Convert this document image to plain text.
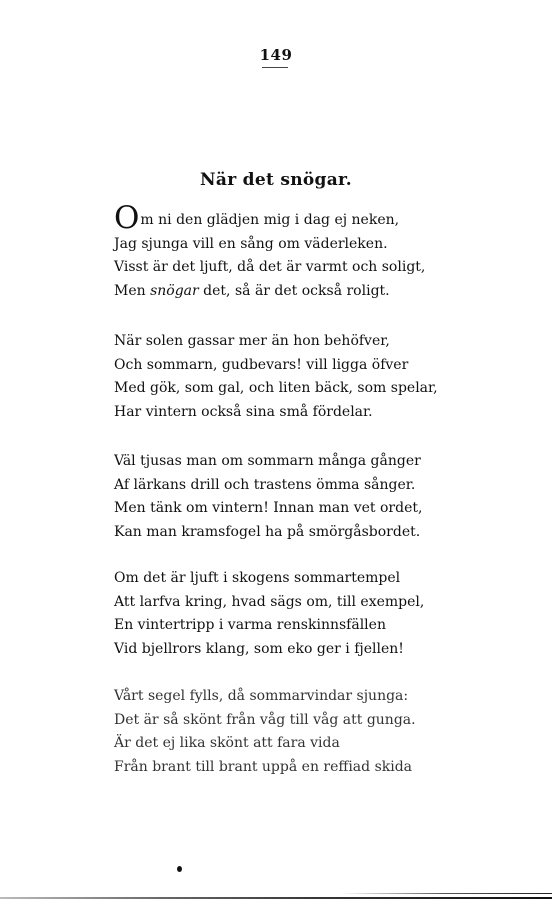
149
När det snögar.
Om ni den glädjen mig i dag ej neken,
Jag sjunga vill en sång om väderleken.
Visst är det ljuft, då det är varmt och soligt,
Men snögar det, så är det också roligt.
När solen gassar mer än hon behöfver,
Och sommarn, gudbevars! vill ligga öfver
Med gök, som gal, och liten bäck, som spelar,
Har vintern också sina små fördelar.
Väl tjusas man om sommarn många gånger
Af lärkans drill och trastens ömma sånger.
Men tänk om vintern! Innan man vet ordet,
Kan man kramsfogel ha på smörgåsbordet.
Om det är ljuft i skogens sommartempel
Att larfva kring, hvad sägs om, till exempel,
En vintertripp i varma renskinnsfällen
Vid bjellrors klang, som eko ger i fjellen!
Vårt segel fylls, då sommarvindar sjunga:
Det är så skönt från våg till våg att gunga.
Är det ej lika skönt att fara vida
Från brant till brant uppå en reffiad skida
